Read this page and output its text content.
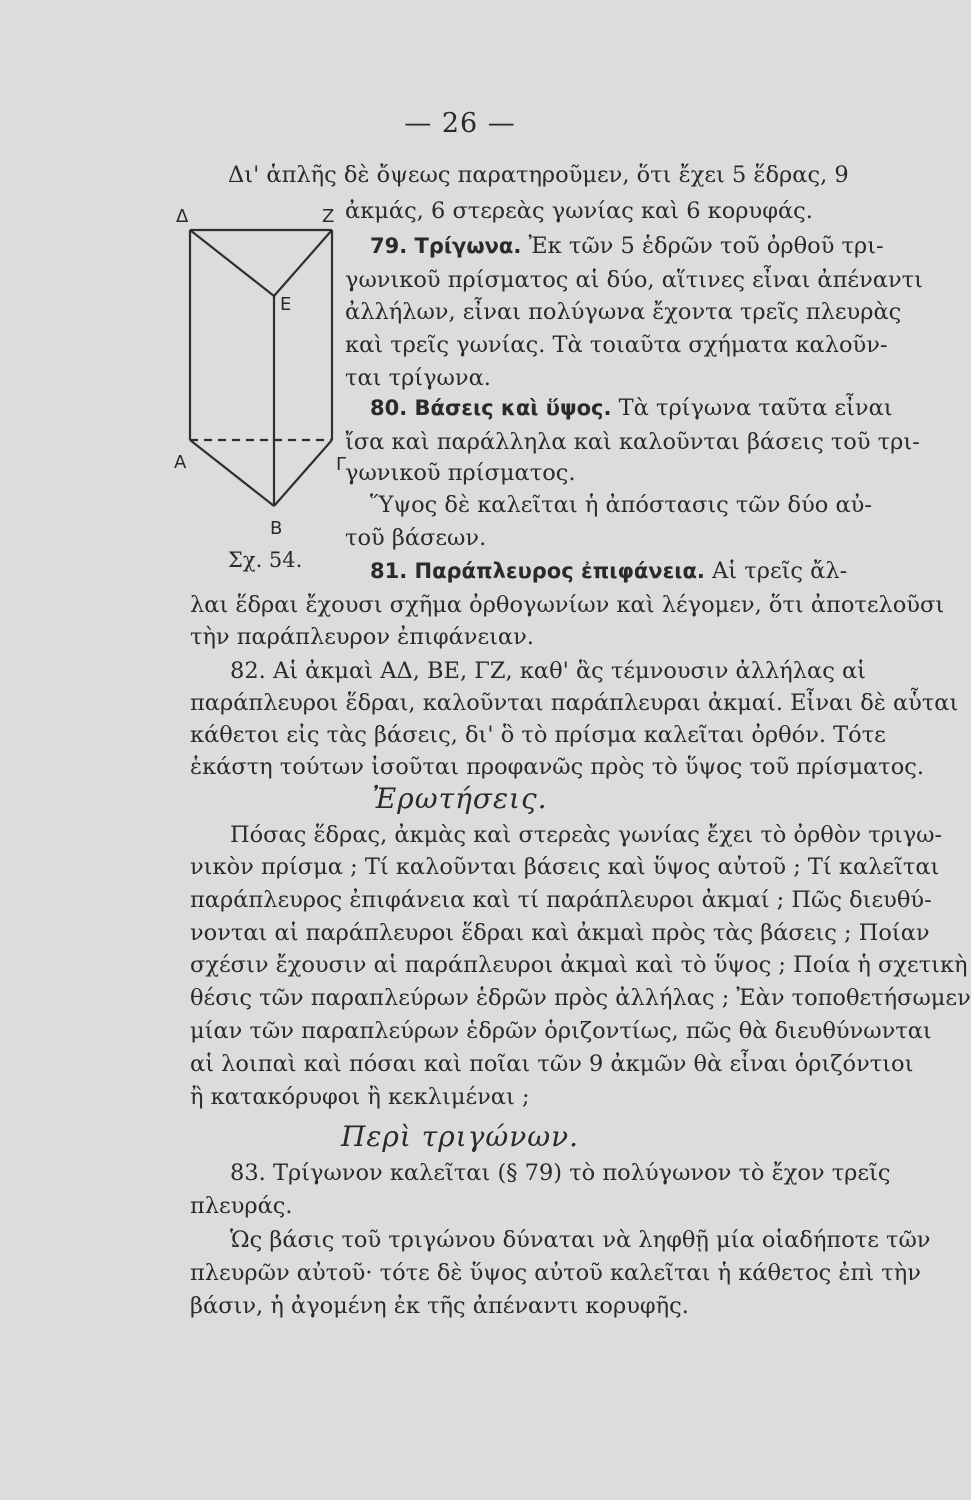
— 26 —
Δ	Ζ
Ε
Α	Γ
Β
Σχ. 54.
Δι' ἁπλῆς δὲ ὄψεως παρατηροῦμεν, ὅτι ἔχει 5 ἕδρας, 9
ἀκμάς, 6 στερεὰς γωνίας καὶ 6 κορυφάς.
79. Τρίγωνα. Ἐκ τῶν 5 ἑδρῶν τοῦ ὀρθοῦ τρι-
γωνικοῦ πρίσματος αἱ δύο, αἵτινες εἶναι ἀπέναντι
ἀλλήλων, εἶναι πολύγωνα ἔχοντα τρεῖς πλευρὰς
καὶ τρεῖς γωνίας. Τὰ τοιαῦτα σχήματα καλοῦν-
ται τρίγωνα.
80. Βάσεις καὶ ὕψος. Τὰ τρίγωνα ταῦτα εἶναι
ἴσα καὶ παράλληλα καὶ καλοῦνται βάσεις τοῦ τρι-
γωνικοῦ πρίσματος.
Ὕψος δὲ καλεῖται ἡ ἀπόστασις τῶν δύο αὐ-
τοῦ βάσεων.
81. Παράπλευρος ἐπιφάνεια. Αἱ τρεῖς ἄλ-
λαι ἕδραι ἔχουσι σχῆμα ὀρθογωνίων καὶ λέγομεν, ὅτι ἀποτελοῦσι
τὴν παράπλευρον ἐπιφάνειαν.
82. Αἱ ἀκμαὶ ΑΔ, ΒΕ, ΓΖ, καθ' ἃς τέμνουσιν ἀλλήλας αἱ
παράπλευροι ἕδραι, καλοῦνται παράπλευραι ἀκμαί. Εἶναι δὲ αὗται
κάθετοι εἰς τὰς βάσεις, δι' ὃ τὸ πρίσμα καλεῖται ὀρθόν. Τότε
ἑκάστη τούτων ἰσοῦται προφανῶς πρὸς τὸ ὕψος τοῦ πρίσματος.
Ἐρωτήσεις.
Πόσας ἕδρας, ἀκμὰς καὶ στερεὰς γωνίας ἔχει τὸ ὀρθὸν τριγω-
νικὸν πρίσμα ; Τί καλοῦνται βάσεις καὶ ὕψος αὐτοῦ ; Τί καλεῖται
παράπλευρος ἐπιφάνεια καὶ τί παράπλευροι ἀκμαί ; Πῶς διευθύ-
νονται αἱ παράπλευροι ἕδραι καὶ ἀκμαὶ πρὸς τὰς βάσεις ; Ποίαν
σχέσιν ἔχουσιν αἱ παράπλευροι ἀκμαὶ καὶ τὸ ὕψος ; Ποία ἡ σχετικὴ
θέσις τῶν παραπλεύρων ἑδρῶν πρὸς ἀλλήλας ; Ἐὰν τοποθετήσωμεν
μίαν τῶν παραπλεύρων ἑδρῶν ὁριζοντίως, πῶς θὰ διευθύνωνται
αἱ λοιπαὶ καὶ πόσαι καὶ ποῖαι τῶν 9 ἀκμῶν θὰ εἶναι ὁριζόντιοι
ἢ κατακόρυφοι ἢ κεκλιμέναι ;
Περὶ τριγώνων.
83. Τρίγωνον καλεῖται (§ 79) τὸ πολύγωνον τὸ ἔχον τρεῖς
πλευράς.
Ὡς βάσις τοῦ τριγώνου δύναται νὰ ληφθῇ μία οἱαδήποτε τῶν
πλευρῶν αὐτοῦ· τότε δὲ ὕψος αὐτοῦ καλεῖται ἡ κάθετος ἐπὶ τὴν
βάσιν, ἡ ἀγομένη ἐκ τῆς ἀπέναντι κορυφῆς.
